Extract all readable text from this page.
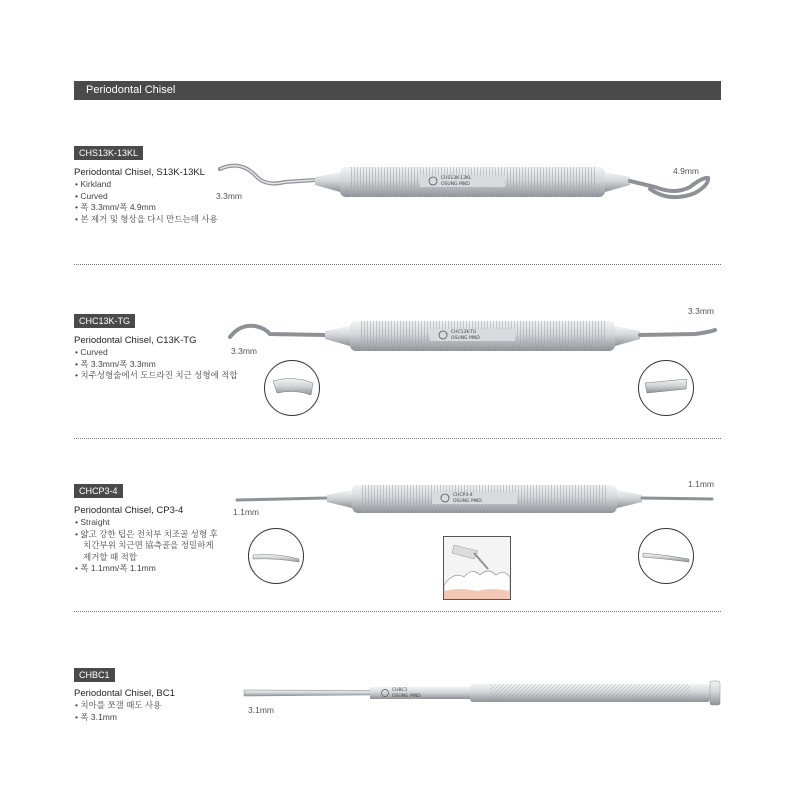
Periodontal Chisel
CHS13K-13KL
Periodontal Chisel, S13K-13KL
• Kirkland
• Curved
• 폭 3.3mm/폭 4.9mm
• 본 제거 및 형상을 다시 만드는데 사용
3.3mm
4.9mm
CHS13K-13KL
OSUNG MND
CHC13K-TG
Periodontal Chisel, C13K-TG
• Curved
• 폭 3.3mm/폭 3.3mm
• 치주성형술에서 도드라진 치근 성형에 적합
3.3mm
3.3mm
CHC13K-TG
OSUNG MND
CHCP3-4
Periodontal Chisel, CP3-4
• Straight
• 얇고 강한 팁은 전치부 치조골 성형 후
치간부위 치근면 協측골을 정밀하게
제거할 때 적합
• 폭 1.1mm/폭 1.1mm
1.1mm
1.1mm
CHCP3-4
OSUNG MND
CHBC1
Periodontal Chisel, BC1
• 치아를 쪼갤 때도 사용
• 폭 3.1mm
3.1mm
CHBC1
OSUNG MND
